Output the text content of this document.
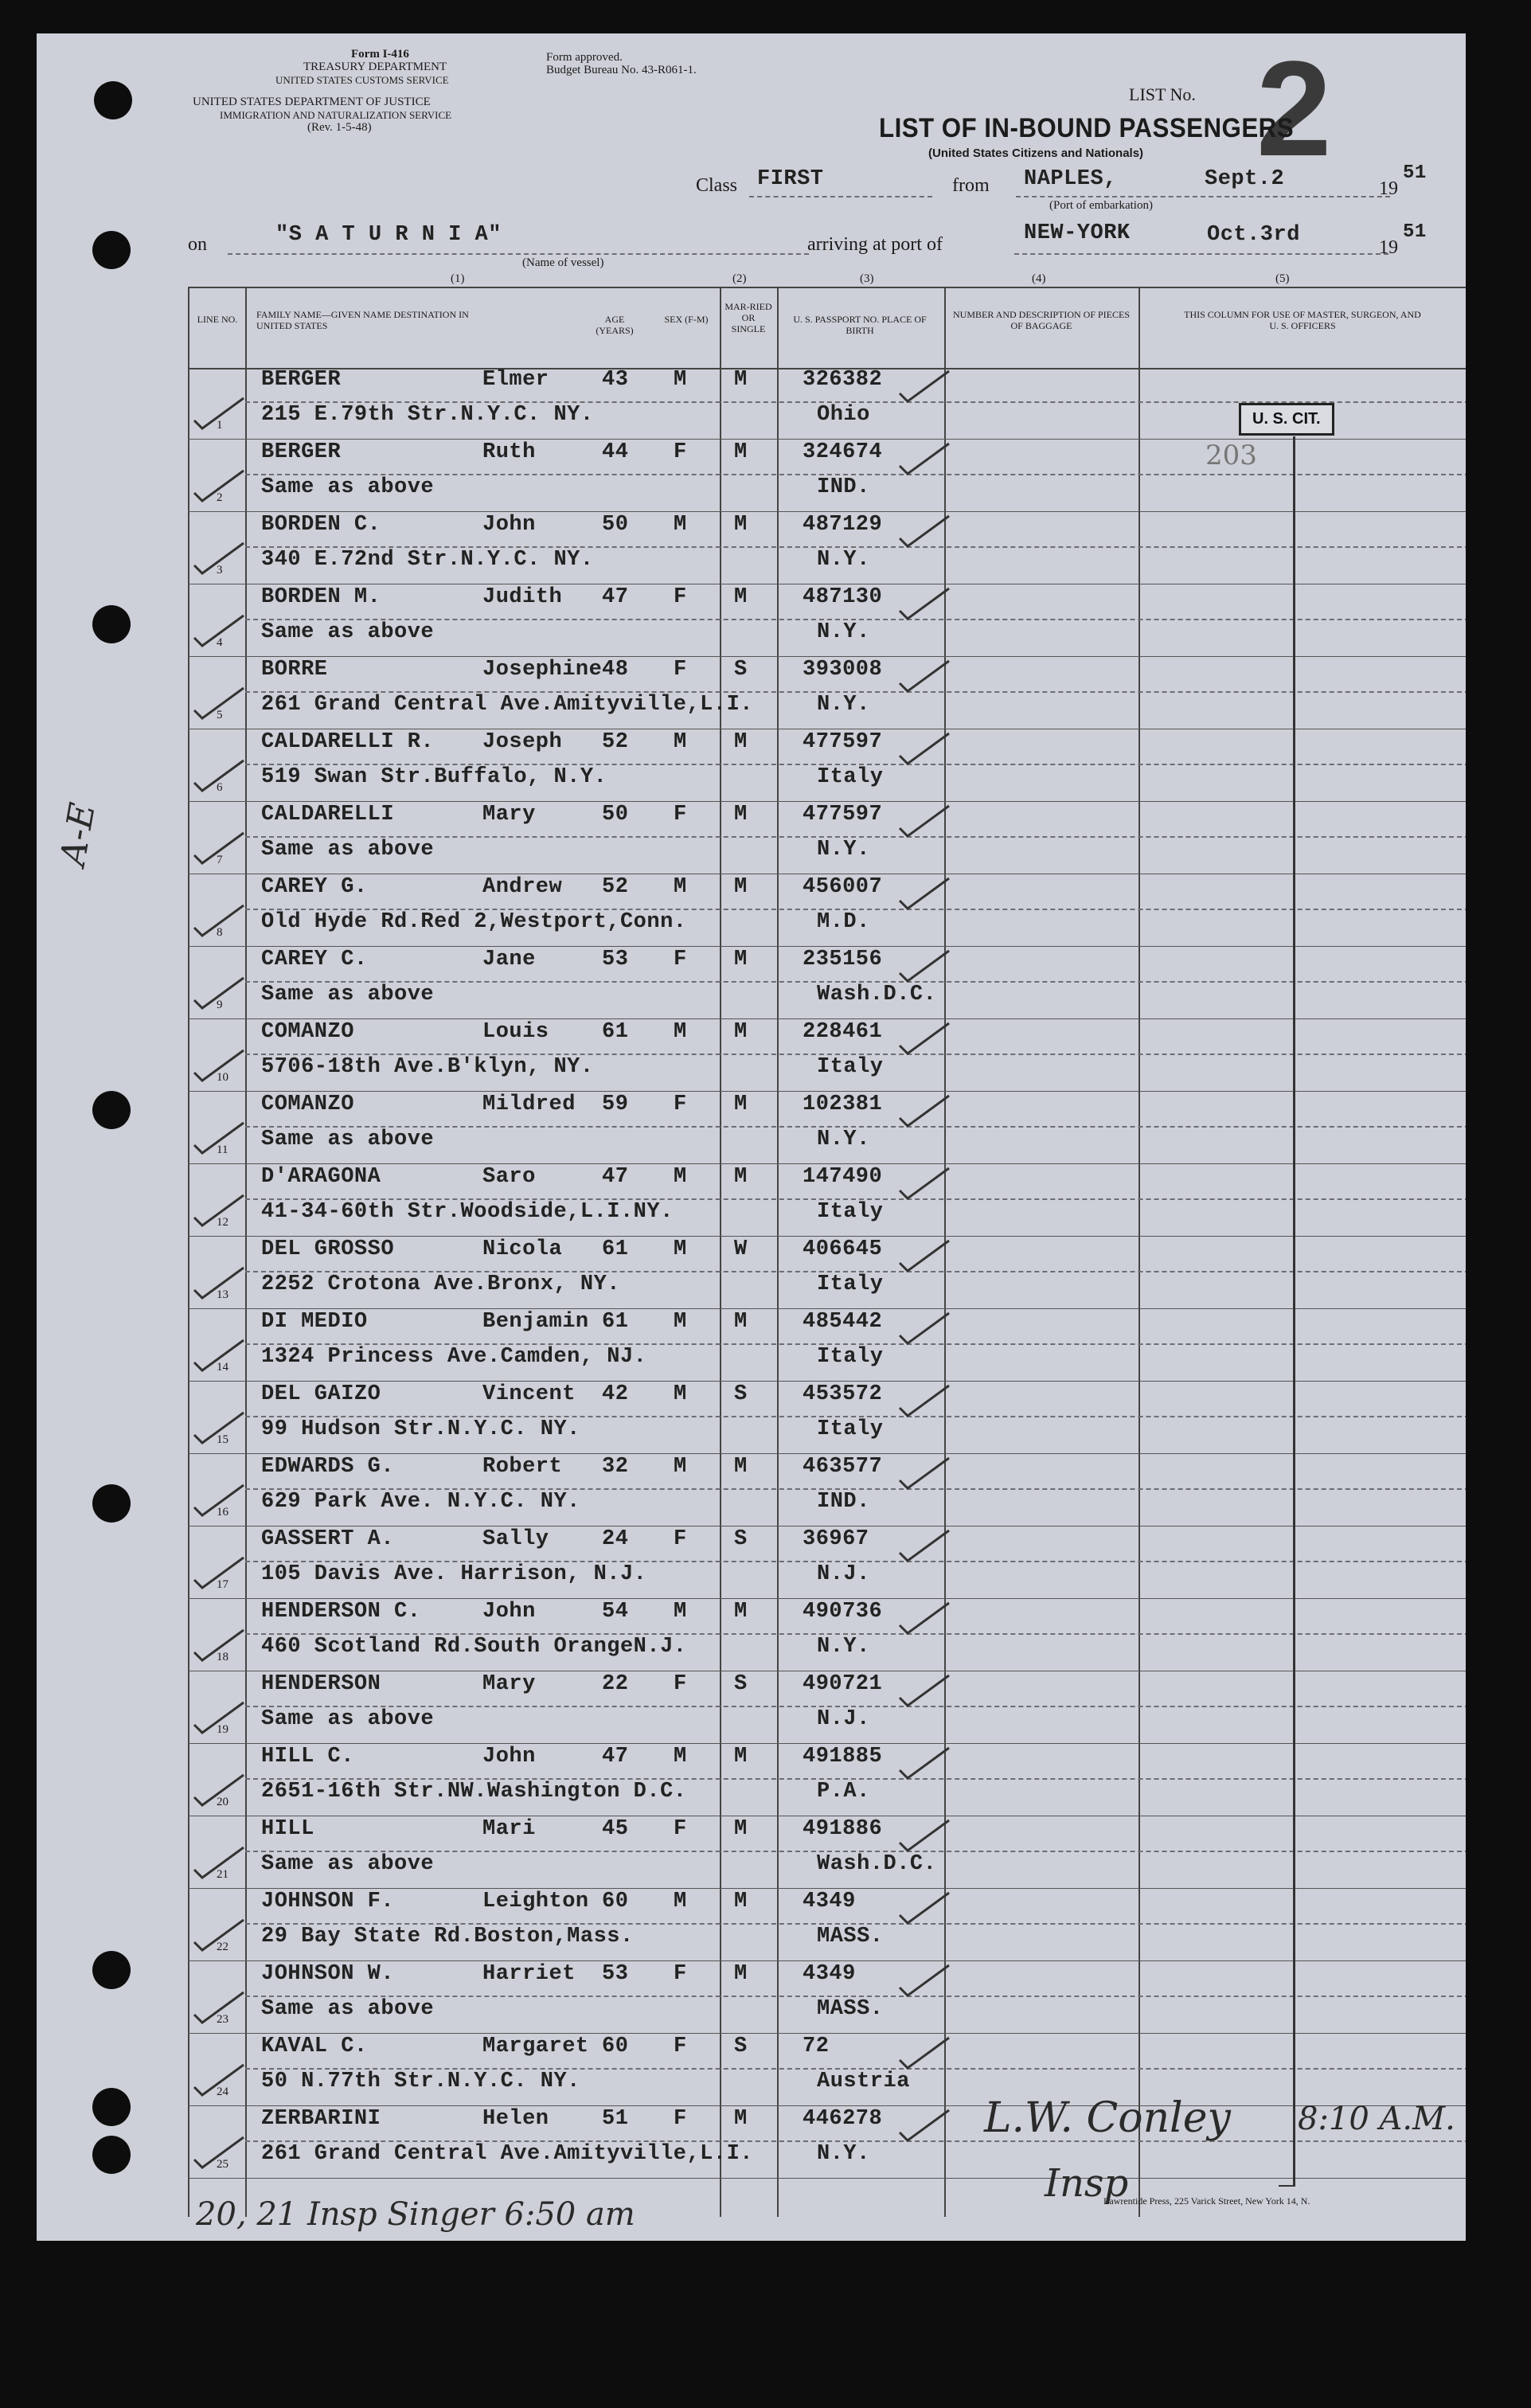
Form I-416
TREASURY DEPARTMENT
UNITED STATES CUSTOMS SERVICE
Form approved.
Budget Bureau No. 43-R061-1.
UNITED STATES DEPARTMENT OF JUSTICE
IMMIGRATION AND NATURALIZATION SERVICE
(Rev. 1-5-48)
LIST No. 2
LIST OF IN-BOUND PASSENGERS
(United States Citizens and Nationals)
Class FIRST	from NAPLES,	Sept.2	19
51
(Port of embarkation)
on	"S A T U R N I A"
(Name of vessel)
arriving at port of	NEW-YORK	Oct.3rd
19
51
(1)	(2)	(3)	(4)	(5)
LINE NO.	FAMILY NAME—GIVEN NAME DESTINATION IN UNITED STATES
AGE (YEARS)
SEX (F-M)
MAR-RIED OR SINGLE
U. S. PASSPORT NO. PLACE OF BIRTH
NUMBER AND DESCRIPTION OF PIECES OF BAGGAGE
THIS COLUMN FOR USE OF MASTER, SURGEON, AND U. S. OFFICERS
1
BERGER	Elmer 43 M M	326382
215 E.79th Str.N.Y.C. NY.	Ohio
2
BERGER	Ruth	44 F M	324674
Same as above	IND.
3
BORDEN C.	John	50 M M	487129
340 E.72nd Str.N.Y.C. NY.	N.Y.
4
BORDEN M.	Judith 47 F M	487130
Same as above	N.Y.
5
BORRE	Josephine 48 F S	393008
261 Grand Central Ave.Amityville,L.I.	N.Y.
6
CALDARELLI R. Joseph 52 M M	477597
519 Swan Str.Buffalo, N.Y.	Italy
7
CALDARELLI	Mary	50 F M	477597
Same as above	N.Y.
8
CAREY G.	Andrew 52 M M	456007
Old Hyde Rd.Red 2,Westport,Conn.	M.D.
9
CAREY C.	Jane	53 F M	235156
Same as above	Wash.D.C.
10
COMANZO	Louis 61 M M	228461
5706-18th Ave.B'klyn, NY.	Italy
11
COMANZO	Mildred 59 F M	102381
Same as above	N.Y.
12
D'ARAGONA	Saro	47 M M	147490
41-34-60th Str.Woodside,L.I.NY.	Italy
13
DEL GROSSO	Nicola 61 M W	406645
2252 Crotona Ave.Bronx, NY.	Italy
14
DI MEDIO	Benjamin 61 M M	485442
1324 Princess Ave.Camden, NJ.	Italy
15
DEL GAIZO	Vincent 42 M S	453572
99 Hudson Str.N.Y.C. NY.	Italy
16
EDWARDS G.	Robert 32 M M	463577
629 Park Ave. N.Y.C. NY.	IND.
17
GASSERT A.	Sally 24 F S	36967
105 Davis Ave. Harrison, N.J.	N.J.
18
HENDERSON C.	John	54 M M	490736
460 Scotland Rd.South OrangeN.J.	N.Y.
19
HENDERSON	Mary	22 F S	490721
Same as above	N.J.
20
HILL C.	John	47 M M	491885
2651-16th Str.NW.Washington D.C.	P.A.
21
HILL	Mari	45 F M	491886
Same as above	Wash.D.C.
22
JOHNSON F.	Leighton 60 M M	4349
29 Bay State Rd.Boston,Mass.	MASS.
23
JOHNSON W.	Harriet 53 F M	4349
Same as above	MASS.
24
KAVAL C.	Margaret 60 F S	72
50 N.77th Str.N.Y.C. NY.	Austria
25
ZERBARINI	Helen 51 F M	446278
261 Grand Central Ave.Amityville,L.I.	N.Y.
U. S. CIT.
203
A-E
L.W. Conley 8:10 A.M.
Insp
20, 21 Insp Singer 6:50 am	Lawrentide Press, 225 Varick Street, New York 14, N.
